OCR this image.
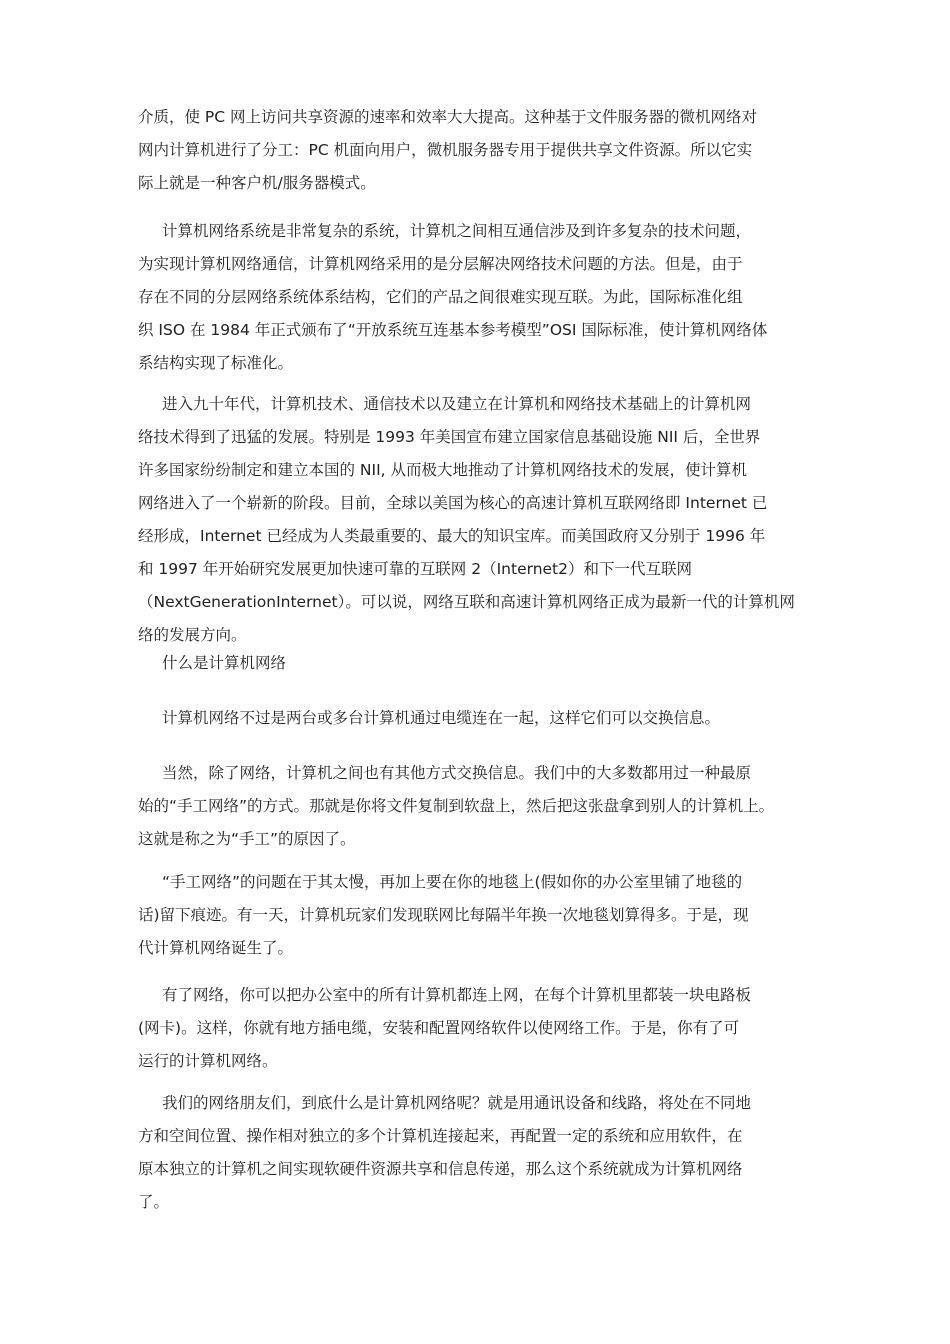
介质，使 PC 网上访问共享资源的速率和效率大大提高。这种基于文件服务器的微机网络对
网内计算机进行了分工：PC 机面向用户，微机服务器专用于提供共享文件资源。所以它实
际上就是一种客户机/服务器模式。
计算机网络系统是非常复杂的系统，计算机之间相互通信涉及到许多复杂的技术问题，
为实现计算机网络通信，计算机网络采用的是分层解决网络技术问题的方法。但是，由于
存在不同的分层网络系统体系结构，它们的产品之间很难实现互联。为此，国际标准化组
织 ISO 在 1984 年正式颁布了“开放系统互连基本参考模型”OSI 国际标准，使计算机网络体
系结构实现了标准化。
进入九十年代，计算机技术、通信技术以及建立在计算机和网络技术基础上的计算机网
络技术得到了迅猛的发展。特别是 1993 年美国宣布建立国家信息基础设施 NII 后，全世界
许多国家纷纷制定和建立本国的 NII, 从而极大地推动了计算机网络技术的发展，使计算机
网络进入了一个崭新的阶段。目前，全球以美国为核心的高速计算机互联网络即 Internet 已
经形成，Internet 已经成为人类最重要的、最大的知识宝库。而美国政府又分别于 1996 年
和 1997 年开始研究发展更加快速可靠的互联网 2（Internet2）和下一代互联网
（NextGenerationInternet）。可以说，网络互联和高速计算机网络正成为最新一代的计算机网
络的发展方向。
什么是计算机网络
计算机网络不过是两台或多台计算机通过电缆连在一起，这样它们可以交换信息。
当然，除了网络，计算机之间也有其他方式交换信息。我们中的大多数都用过一种最原
始的“手工网络”的方式。那就是你将文件复制到软盘上，然后把这张盘拿到别人的计算机上。
这就是称之为“手工”的原因了。
“手工网络”的问题在于其太慢，再加上要在你的地毯上(假如你的办公室里铺了地毯的
话)留下痕迹。有一天，计算机玩家们发现联网比每隔半年换一次地毯划算得多。于是，现
代计算机网络诞生了。
有了网络，你可以把办公室中的所有计算机都连上网，在每个计算机里都装一块电路板
(网卡)。这样，你就有地方插电缆，安装和配置网络软件以使网络工作。于是，你有了可
运行的计算机网络。
我们的网络朋友们，到底什么是计算机网络呢？就是用通讯设备和线路，将处在不同地
方和空间位置、操作相对独立的多个计算机连接起来，再配置一定的系统和应用软件，在
原本独立的计算机之间实现软硬件资源共享和信息传递，那么这个系统就成为计算机网络
了。
